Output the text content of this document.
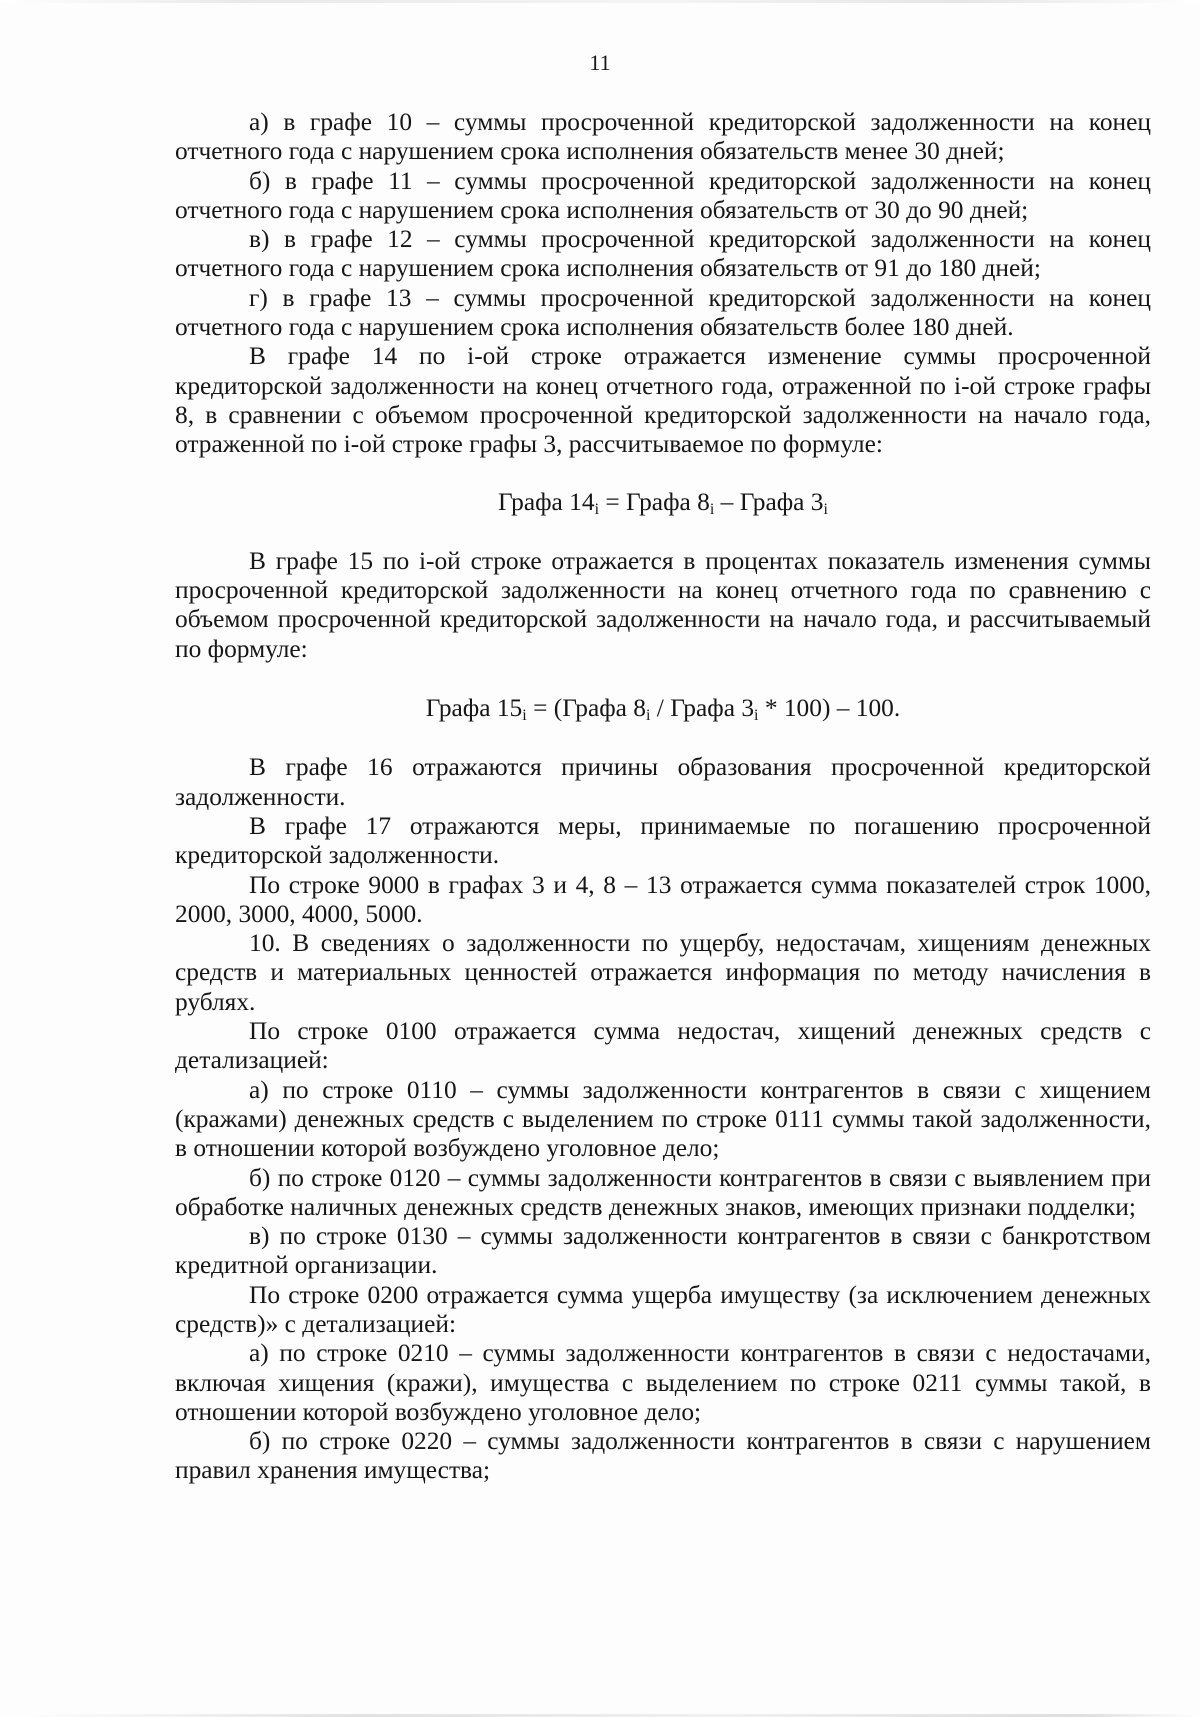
11

а) в графе 10 – суммы просроченной кредиторской задолженности на конец отчетного года с нарушением срока исполнения обязательств менее 30 дней;

б) в графе 11 – суммы просроченной кредиторской задолженности на конец отчетного года с нарушением срока исполнения обязательств от 30 до 90 дней;

в) в графе 12 – суммы просроченной кредиторской задолженности на конец отчетного года с нарушением срока исполнения обязательств от 91 до 180 дней;

г) в графе 13 – суммы просроченной кредиторской задолженности на конец отчетного года с нарушением срока исполнения обязательств более 180 дней.

В графе 14 по i-ой строке отражается изменение суммы просроченной кредиторской задолженности на конец отчетного года, отраженной по i-ой строке графы 8, в сравнении с объемом просроченной кредиторской задолженности на начало года, отраженной по i-ой строке графы 3, рассчитываемое по формуле:

Графа $14_i$ = Графа $8_i$ – Графа $3_i$

В графе 15 по i-ой строке отражается в процентах показатель изменения суммы просроченной кредиторской задолженности на конец отчетного года по сравнению с объемом просроченной кредиторской задолженности на начало года, и рассчитываемый по формуле:

Графа $15_i$ = (Графа $8_i$ / Графа $3_i * 100) - 100$.

В графе 16 отражаются причины образования просроченной кредиторской задолженности.

В графе 17 отражаются меры, принимаемые по погашению просроченной кредиторской задолженности.

По строке 9000 в графах 3 и 4, 8 – 13 отражается сумма показателей строк 1000, 2000, 3000, 4000, 5000.

10. В сведениях о задолженности по ущербу, недостачам, хищениям денежных средств и материальных ценностей отражается информация по методу начисления в рублях.

По строке 0100 отражается сумма недостач, хищений денежных средств с детализацией:

а) по строке 0110 – суммы задолженности контрагентов в связи с хищением (кражами) денежных средств с выделением по строке 0111 суммы такой задолженности, в отношении которой возбуждено уголовное дело;

б) по строке 0120 – суммы задолженности контрагентов в связи с выявлением при обработке наличных денежных средств денежных знаков, имеющих признаки подделки;

в) по строке 0130 – суммы задолженности контрагентов в связи с банкротством кредитной организации.

По строке 0200 отражается сумма ущерба имуществу (за исключением денежных средств)» с детализацией:

а) по строке 0210 – суммы задолженности контрагентов в связи с недостачами, включая хищения (кражи), имущества с выделением по строке 0211 суммы такой, в отношении которой возбуждено уголовное дело;

б) по строке 0220 – суммы задолженности контрагентов в связи с нарушением правил хранения имущества;
